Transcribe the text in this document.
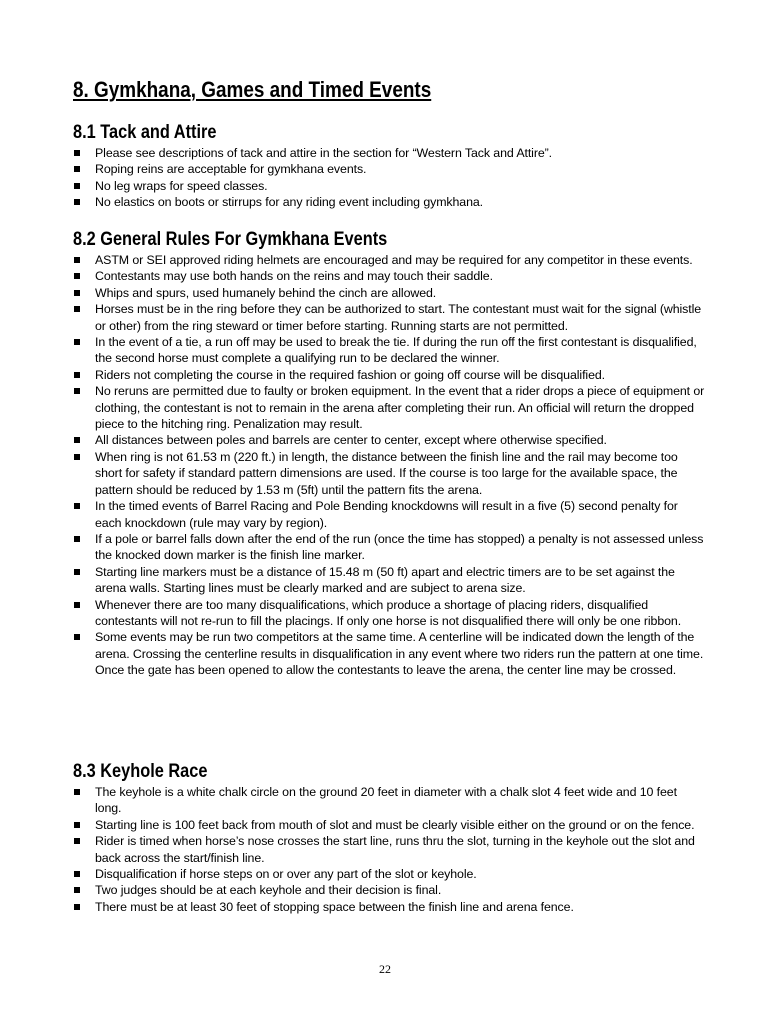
8. Gymkhana, Games and Timed Events
8.1 Tack and Attire
Please see descriptions of tack and attire in the section for “Western Tack and Attire”.
Roping reins are acceptable for gymkhana events.
No leg wraps for speed classes.
No elastics on boots or stirrups for any riding event including gymkhana.
8.2 General Rules For Gymkhana Events
ASTM or SEI approved riding helmets are encouraged and may be required for any competitor in these events.
Contestants may use both hands on the reins and may touch their saddle.
Whips and spurs, used humanely behind the cinch are allowed.
Horses must be in the ring before they can be authorized to start. The contestant must wait for the signal (whistle or other) from the ring steward or timer before starting. Running starts are not permitted.
In the event of a tie, a run off may be used to break the tie. If during the run off the first contestant is disqualified, the second horse must complete a qualifying run to be declared the winner.
Riders not completing the course in the required fashion or going off course will be disqualified.
No reruns are permitted due to faulty or broken equipment. In the event that a rider drops a piece of equipment or clothing, the contestant is not to remain in the arena after completing their run. An official will return the dropped piece to the hitching ring. Penalization may result.
All distances between poles and barrels are center to center, except where otherwise specified.
When ring is not 61.53 m (220 ft.) in length, the distance between the finish line and the rail may become too short for safety if standard pattern dimensions are used. If the course is too large for the available space, the pattern should be reduced by 1.53 m (5ft) until the pattern fits the arena.
In the timed events of Barrel Racing and Pole Bending knockdowns will result in a five (5) second penalty for each knockdown (rule may vary by region).
If a pole or barrel falls down after the end of the run (once the time has stopped) a penalty is not assessed unless the knocked down marker is the finish line marker.
Starting line markers must be a distance of 15.48 m (50 ft) apart and electric timers are to be set against the arena walls. Starting lines must be clearly marked and are subject to arena size.
Whenever there are too many disqualifications, which produce a shortage of placing riders, disqualified contestants will not re-run to fill the placings. If only one horse is not disqualified there will only be one ribbon.
Some events may be run two competitors at the same time. A centerline will be indicated down the length of the arena. Crossing the centerline results in disqualification in any event where two riders run the pattern at one time. Once the gate has been opened to allow the contestants to leave the arena, the center line may be crossed.
8.3 Keyhole Race
The keyhole is a white chalk circle on the ground 20 feet in diameter with a chalk slot 4 feet wide and 10 feet long.
Starting line is 100 feet back from mouth of slot and must be clearly visible either on the ground or on the fence.
Rider is timed when horse’s nose crosses the start line, runs thru the slot, turning in the keyhole out the slot and back across the start/finish line.
Disqualification if horse steps on or over any part of the slot or keyhole.
Two judges should be at each keyhole and their decision is final.
There must be at least 30 feet of stopping space between the finish line and arena fence.
22
